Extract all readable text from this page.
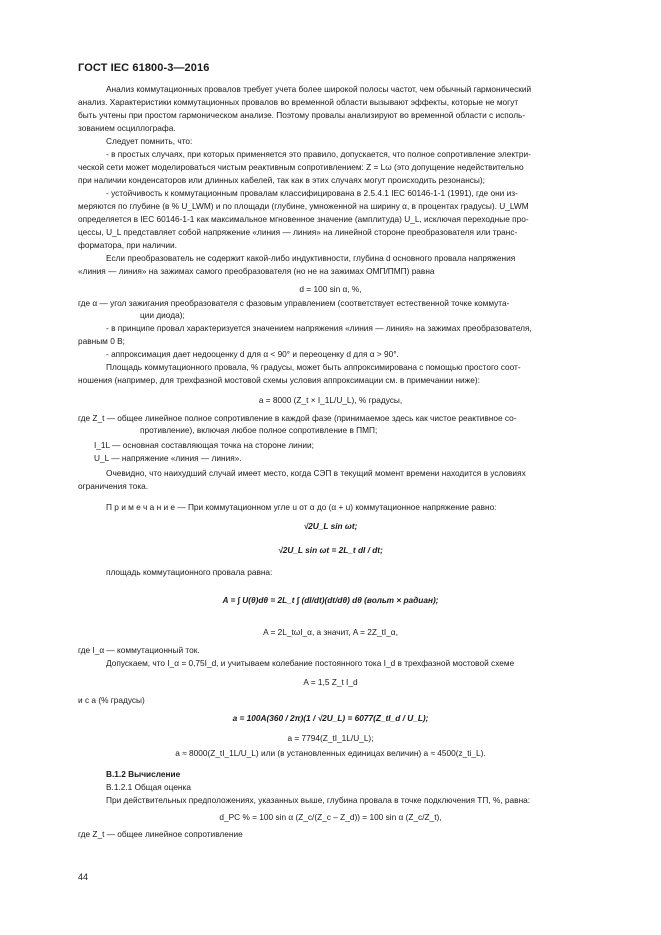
ГОСТ IEC 61800-3—2016
Анализ коммутационных провалов требует учета более широкой полосы частот, чем обычный гармонический
анализ. Характеристики коммутационных провалов во временной области вызывают эффекты, которые не могут
быть учтены при простом гармоническом анализе. Поэтому провалы анализируют во временной области с исполь-
зованием осциллографа.
Следует помнить, что:
- в простых случаях, при которых применяется это правило, допускается, что полное сопротивление электри-
ческой сети может моделироваться чистым реактивным сопротивлением: Z = Lω (это допущение недействительно
при наличии конденсаторов или длинных кабелей, так как в этих случаях могут происходить резонансы);
- устойчивость к коммутационным провалам классифицирована в 2.5.4.1 IEC 60146-1-1 (1991), где они из-
меряются по глубине (в % U_LWM) и по площади (глубине, умноженной на ширину α, в процентах градусы). U_LWM
определяется в IEC 60146-1-1 как максимальное мгновенное значение (амплитуда) U_L, исключая переходные про-
цессы, U_L представляет собой напряжение «линия — линия» на линейной стороне преобразователя или транс-
форматора, при наличии.
Если преобразователь не содержит какой-либо индуктивности, глубина d основного провала напряжения
«линия — линия» на зажимах самого преобразователя (но не на зажимах ОМП/ПМП) равна
d = 100 sin α, %,
где α — угол зажигания преобразователя с фазовым управлением (соответствует естественной точке коммута-
ции диода);
- в принципе провал характеризуется значением напряжения «линия — линия» на зажимах преобразователя,
равным 0 В;
- аппроксимация дает недооценку d для α < 90° и переоценку d для α > 90°.
Площадь коммутационного провала, % градусы, может быть аппроксимирована с помощью простого соот-
ношения (например, для трехфазной мостовой схемы условия аппроксимации см. в примечании ниже):
a = 8000 (Z_t × I_1L/U_L), % градусы,
где Z_t — общее линейное полное сопротивление в каждой фазе (принимаемое здесь как чистое реактивное со-
противление), включая любое полное сопротивление в ПМП;
I_1L — основная составляющая точка на стороне линии;
U_L — напряжение «линия — линия».
Очевидно, что наихудший случай имеет место, когда СЭП в текущий момент времени находится в условиях
ограничения тока.
П р и м е ч а н и е — При коммутационном угле u от α до (α + u) коммутационное напряжение равно:
√2U_L sin ωt;
√2U_L sin ωt = 2L_t dI / dt;
площадь коммутационного провала равна:
A = ∫ U(θ)dθ = 2L_t ∫ (dI/dt)(dt/dθ) dθ (вольт × радиан);
A = 2L_tωI_α, а значит, A = 2Z_tI_α,
где I_α — коммутационный ток.
Допускаем, что I_α = 0,75I_d, и учитываем колебание постоянного тока I_d в трехфазной мостовой схеме
A = 1,5 Z_t I_d
и с a (% градусы)
a = 100A(360 / 2π)(1 / √2U_L) = 6077(Z_tI_d / U_L);
a = 7794(Z_tI_1L/U_L);
a ≈ 8000(Z_tI_1L/U_L) или (в установленных единицах величин) a ≈ 4500(z_ti_L).
В.1.2 Вычисление
В.1.2.1 Общая оценка
При действительных предположениях, указанных выше, глубина провала в точке подключения ТП, %, равна:
d_PC % = 100 sin α (Z_c/(Z_c – Z_d)) = 100 sin α (Z_c/Z_t),
где Z_t — общее линейное сопротивление
44
